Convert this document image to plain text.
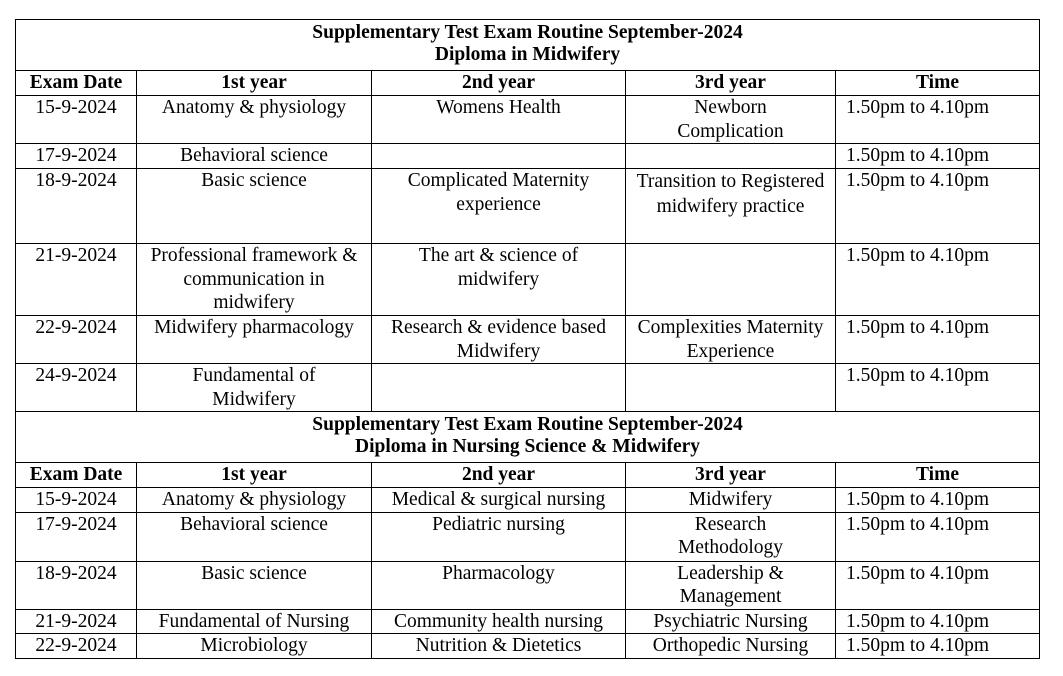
Supplementary Test Exam Routine September-2024
Diploma in Midwifery				

Exam Date	1st year	2nd year	3rd year	Time
15-9-2024	Anatomy & physiology	Womens Health	Newborn Complication	1.50pm to 4.10pm
17-9-2024	Behavioral science			1.50pm to 4.10pm
18-9-2024	Basic science	Complicated Maternity experience	Transition to Registered midwifery practice	1.50pm to 4.10pm
21-9-2024	Professional framework & communication in midwifery	The art & science of midwifery		1.50pm to 4.10pm
22-9-2024	Midwifery pharmacology	Research & evidence based Midwifery	Complexities Maternity Experience	1.50pm to 4.10pm
24-9-2024	Fundamental of Midwifery			1.50pm to 4.10pm

Supplementary Test Exam Routine September-2024
Diploma in Nursing Science & Midwifery				

Exam Date	1st year	2nd year	3rd year	Time
15-9-2024	Anatomy & physiology	Medical & surgical nursing	Midwifery	1.50pm to 4.10pm
17-9-2024	Behavioral science	Pediatric nursing	Research Methodology	1.50pm to 4.10pm
18-9-2024	Basic science	Pharmacology	Leadership & Management	1.50pm to 4.10pm
21-9-2024	Fundamental of Nursing	Community health nursing	Psychiatric Nursing	1.50pm to 4.10pm
22-9-2024	Microbiology	Nutrition & Dietetics	Orthopedic Nursing	1.50pm to 4.10pm
